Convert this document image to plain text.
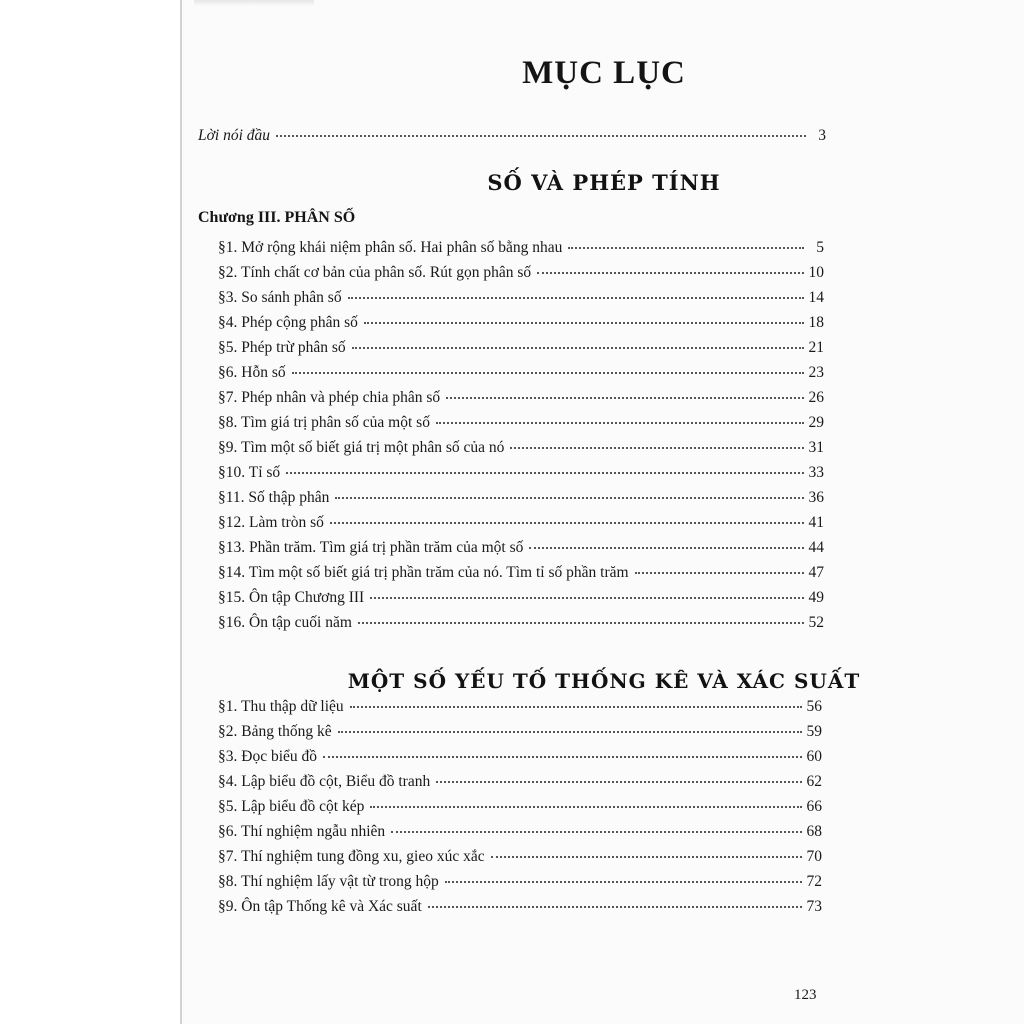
MỤC LỤC
Lời nói đầu	3
SỐ VÀ PHÉP TÍNH
Chương III. PHÂN SỐ
§1. Mở rộng khái niệm phân số. Hai phân số bằng nhau	5
§2. Tính chất cơ bản của phân số. Rút gọn phân số	10
§3. So sánh phân số	14
§4. Phép cộng phân số	18
§5. Phép trừ phân số	21
§6. Hỗn số	23
§7. Phép nhân và phép chia phân số	26
§8. Tìm giá trị phân số của một số	29
§9. Tìm một số biết giá trị một phân số của nó	31
§10. Tỉ số	33
§11. Số thập phân	36
§12. Làm tròn số	41
§13. Phần trăm. Tìm giá trị phần trăm của một số	44
§14. Tìm một số biết giá trị phần trăm của nó. Tìm tỉ số phần trăm	47
§15. Ôn tập Chương III	49
§16. Ôn tập cuối năm	52
MỘT SỐ YẾU TỐ THỐNG KÊ VÀ XÁC SUẤT
§1. Thu thập dữ liệu	56
§2. Bảng thống kê	59
§3. Đọc biểu đồ	60
§4. Lập biểu đồ cột, Biểu đồ tranh	62
§5. Lập biểu đồ cột kép	66
§6. Thí nghiệm ngẫu nhiên	68
§7. Thí nghiệm tung đồng xu, gieo xúc xắc	70
§8. Thí nghiệm lấy vật từ trong hộp	72
§9. Ôn tập Thống kê và Xác suất	73
123
